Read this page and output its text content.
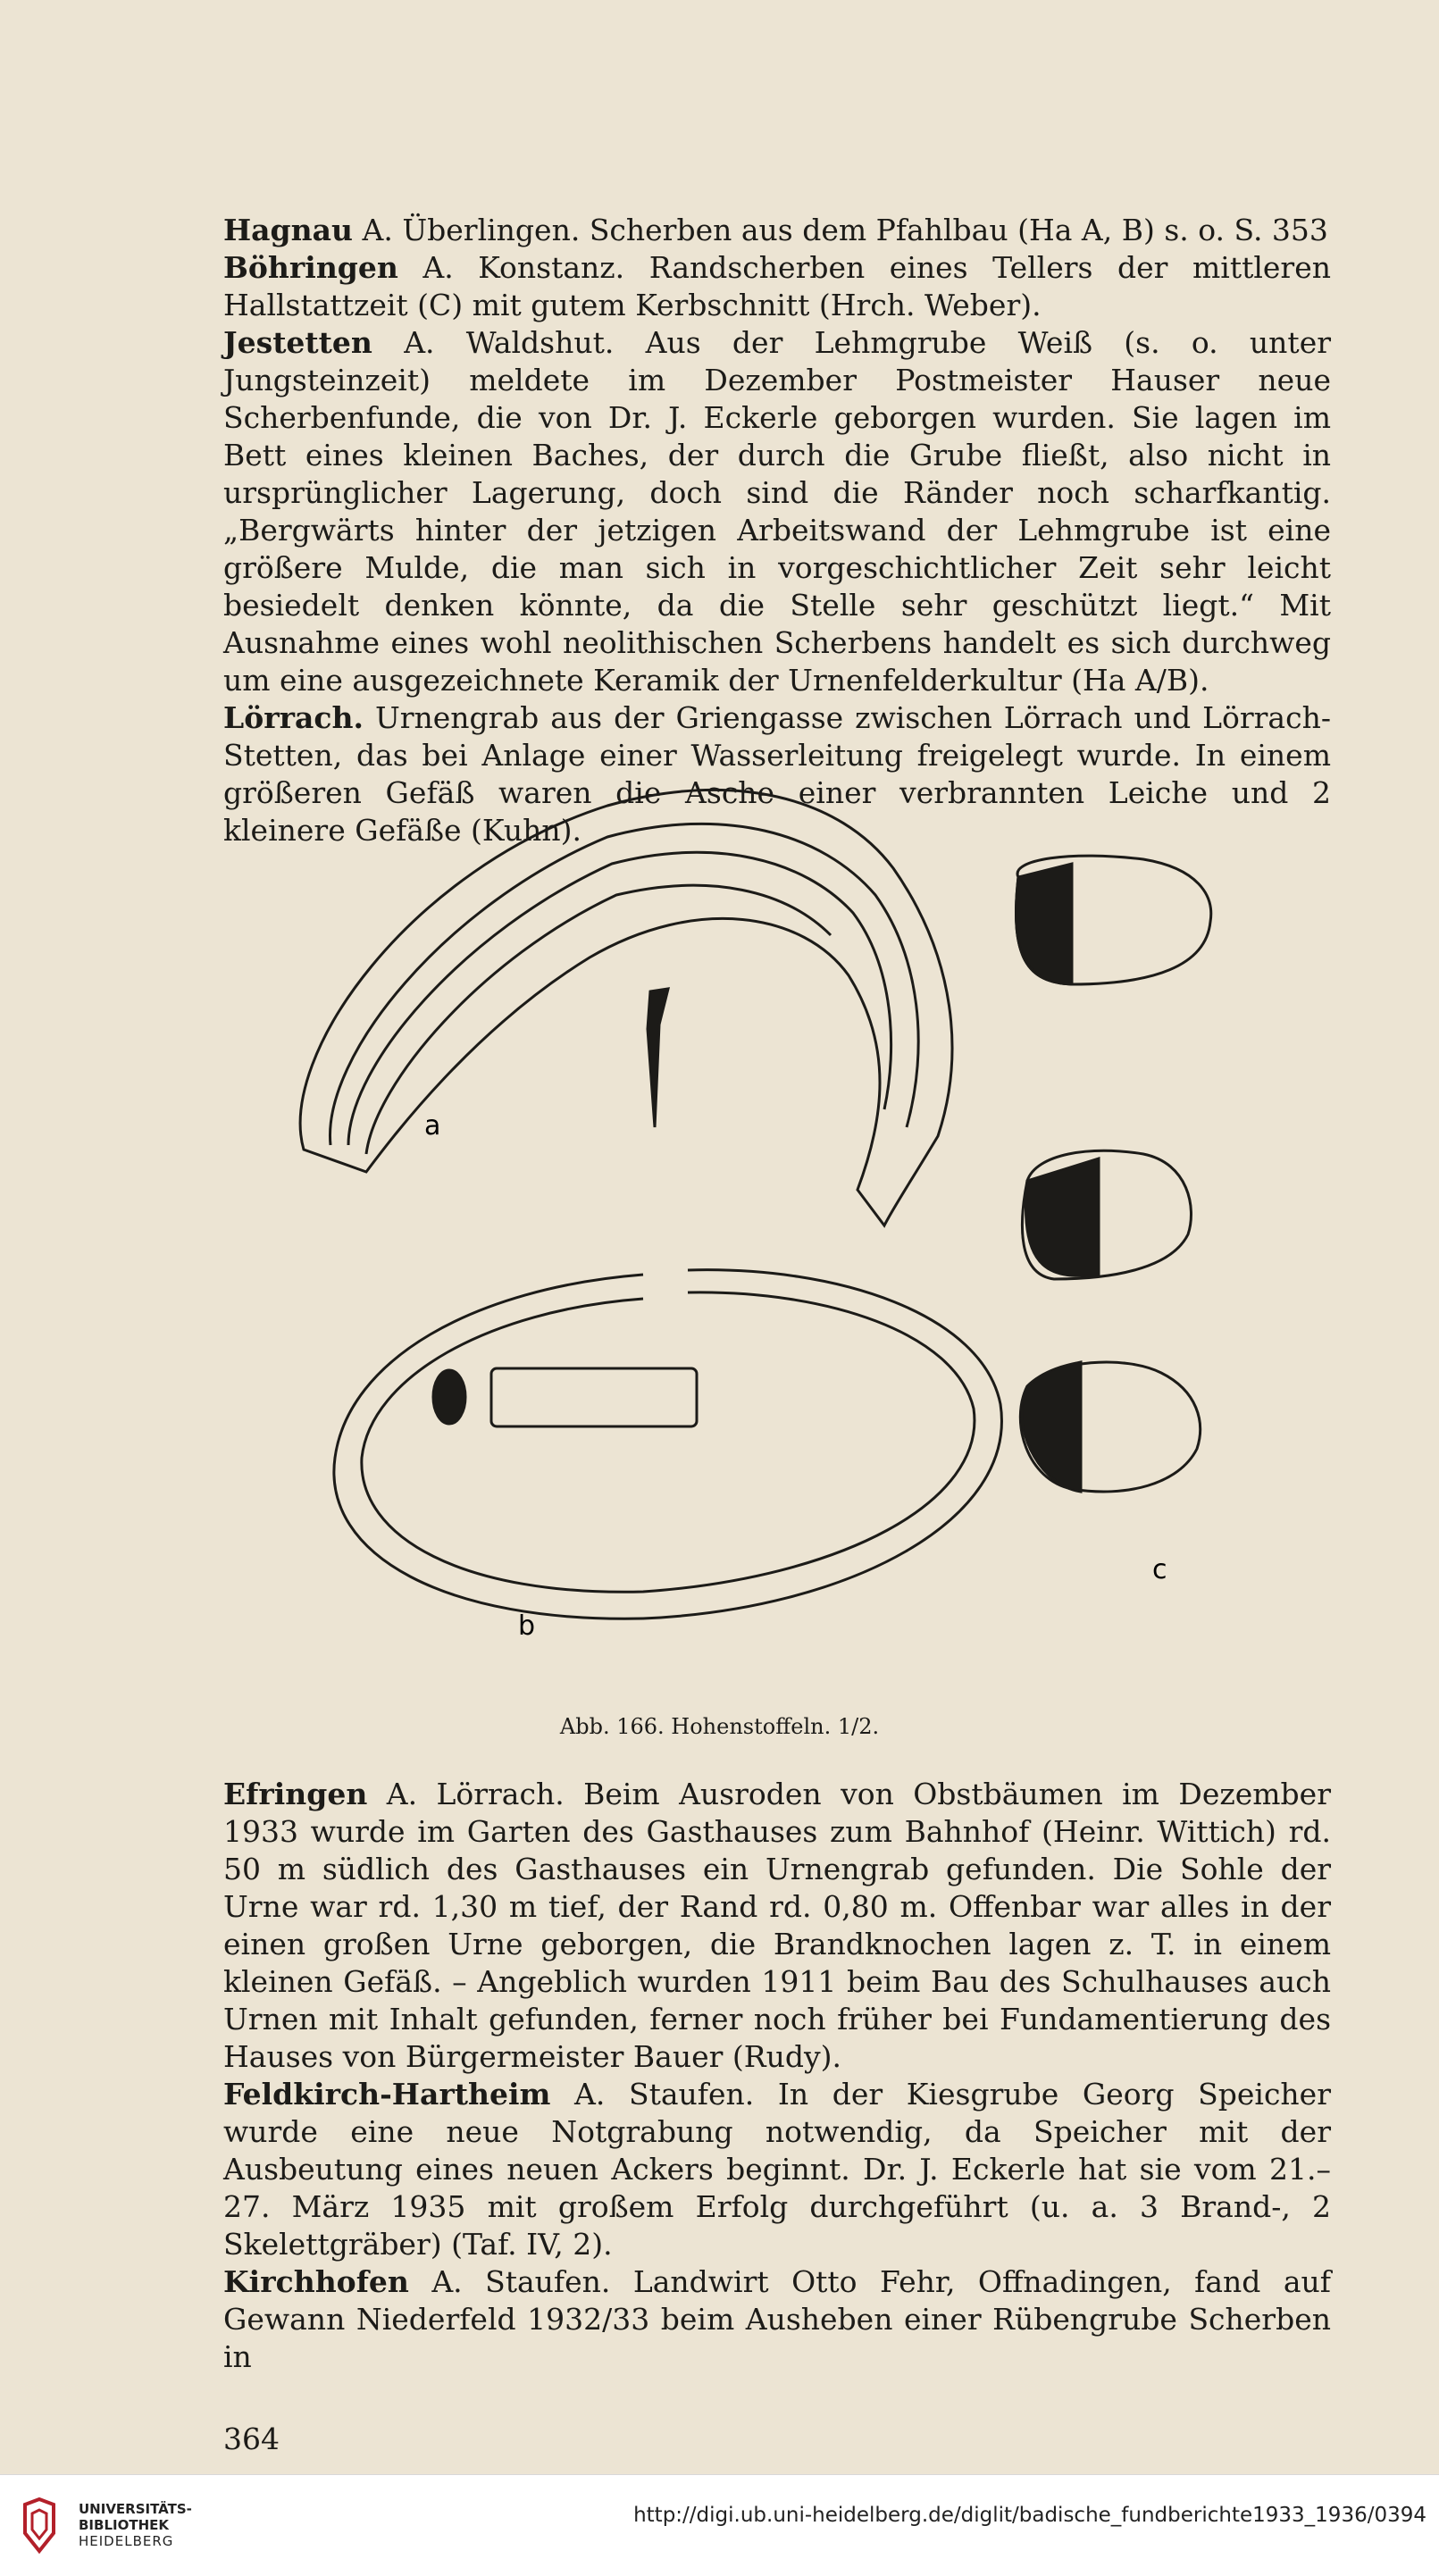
Hagnau A. Überlingen. Scherben aus dem Pfahlbau (Ha A, B) s. o. S. 353

Böhringen A. Konstanz. Randscherben eines Tellers der mittleren Hallstattzeit (C) mit gutem Kerbschnitt (Hrch. Weber).

Jestetten A. Waldshut. Aus der Lehmgrube Weiß (s. o. unter Jungsteinzeit) meldete im Dezember Postmeister Hauser neue Scherbenfunde, die von Dr. J. Eckerle geborgen wurden. Sie lagen im Bett eines kleinen Baches, der durch die Grube fließt, also nicht in ursprünglicher Lagerung, doch sind die Ränder noch scharfkantig. „Bergwärts hinter der jetzigen Arbeitswand der Lehmgrube ist eine größere Mulde, die man sich in vorgeschichtlicher Zeit sehr leicht besiedelt denken könnte, da die Stelle sehr geschützt liegt.“ Mit Ausnahme eines wohl neolithischen Scherbens handelt es sich durchweg um eine ausgezeichnete Keramik der Urnenfelderkultur (Ha A/B).

Lörrach. Urnengrab aus der Griengasse zwischen Lörrach und Lörrach-Stetten, das bei Anlage einer Wasserleitung freigelegt wurde. In einem größeren Gefäß waren die Asche einer verbrannten Leiche und 2 kleinere Gefäße (Kuhn).

a
b
c
Abb. 166. Hohenstoffeln. 1/2.

Efringen A. Lörrach. Beim Ausroden von Obstbäumen im Dezember 1933 wurde im Garten des Gasthauses zum Bahnhof (Heinr. Wittich) rd. 50 m südlich des Gasthauses ein Urnengrab gefunden. Die Sohle der Urne war rd. 1,30 m tief, der Rand rd. 0,80 m. Offenbar war alles in der einen großen Urne geborgen, die Brandknochen lagen z. T. in einem kleinen Gefäß. – Angeblich wurden 1911 beim Bau des Schulhauses auch Urnen mit Inhalt gefunden, ferner noch früher bei Fundamentierung des Hauses von Bürgermeister Bauer (Rudy).

Feldkirch-Hartheim A. Staufen. In der Kiesgrube Georg Speicher wurde eine neue Notgrabung notwendig, da Speicher mit der Ausbeutung eines neuen Ackers beginnt. Dr. J. Eckerle hat sie vom 21.–27. März 1935 mit großem Erfolg durchgeführt (u. a. 3 Brand-, 2 Skelettgräber) (Taf. IV, 2).

Kirchhofen A. Staufen. Landwirt Otto Fehr, Offnadingen, fand auf Gewann Niederfeld 1932/33 beim Ausheben einer Rübengrube Scherben in

364
UNIVERSITÄTS-
BIBLIOTHEK
HEIDELBERG
http://digi.ub.uni-heidelberg.de/diglit/badische_fundberichte1933_1936/0394
